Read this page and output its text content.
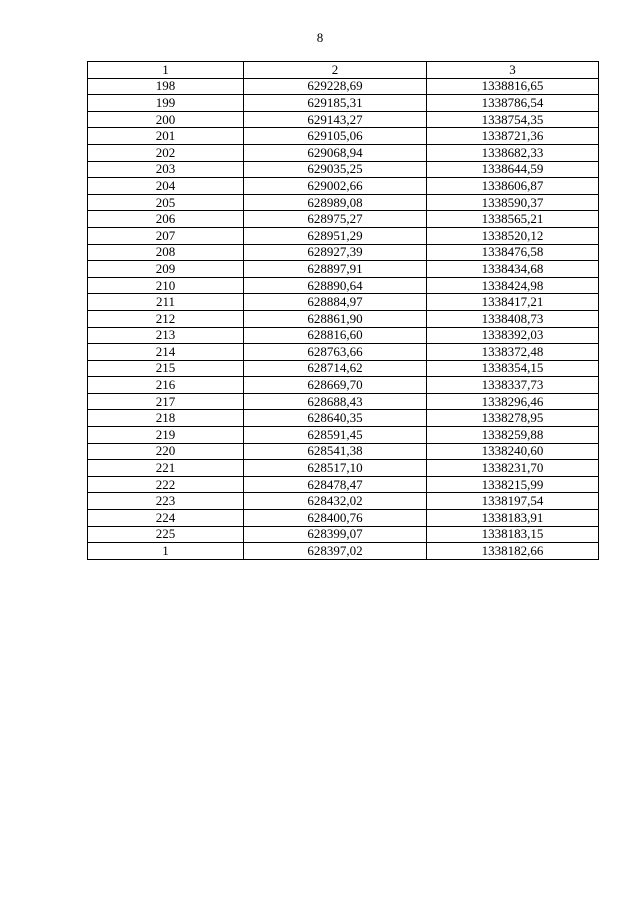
8
1	2	3
198	629228,69	1338816,65
199	629185,31	1338786,54
200	629143,27	1338754,35
201	629105,06	1338721,36
202	629068,94	1338682,33
203	629035,25	1338644,59
204	629002,66	1338606,87
205	628989,08	1338590,37
206	628975,27	1338565,21
207	628951,29	1338520,12
208	628927,39	1338476,58
209	628897,91	1338434,68
210	628890,64	1338424,98
211	628884,97	1338417,21
212	628861,90	1338408,73
213	628816,60	1338392,03
214	628763,66	1338372,48
215	628714,62	1338354,15
216	628669,70	1338337,73
217	628688,43	1338296,46
218	628640,35	1338278,95
219	628591,45	1338259,88
220	628541,38	1338240,60
221	628517,10	1338231,70
222	628478,47	1338215,99
223	628432,02	1338197,54
224	628400,76	1338183,91
225	628399,07	1338183,15
1	628397,02	1338182,66
